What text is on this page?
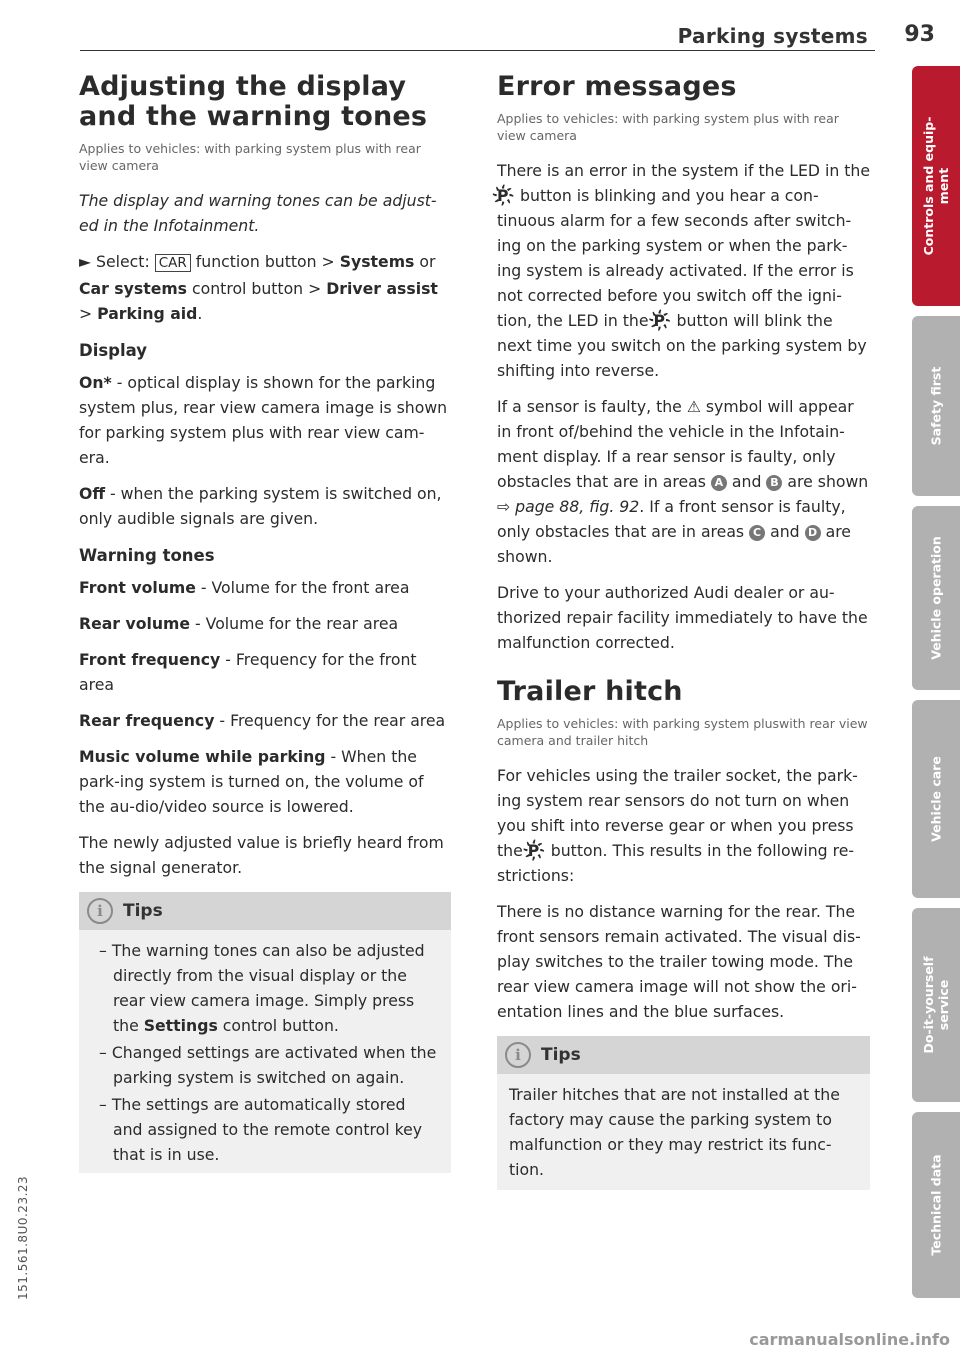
Parking systems 93
Adjusting the display
and the warning tones
Applies to vehicles: with parking system plus with rear view camera

The display and warning tones can be adjust-ed in the Infotainment.

► Select: CAR function button > Systems or Car systems control button > Driver assist > Parking aid.

Display

On* - optical display is shown for the parking system plus, rear view camera image is shown for parking system plus with rear view cam-era.

Off - when the parking system is switched on, only audible signals are given.

Warning tones

Front volume - Volume for the front area

Rear volume - Volume for the rear area

Front frequency - Frequency for the front area

Rear frequency - Frequency for the rear area

Music volume while parking - When the park-ing system is turned on, the volume of the au-dio/video source is lowered.

The newly adjusted value is briefly heard from the signal generator.

i	Tips
– The warning tones can also be adjusted directly from the visual display or the rear view camera image. Simply press the Settings control button.
– Changed settings are activated when the parking system is switched on again.
– The settings are automatically stored and assigned to the remote control key that is in use.
Error messages
Applies to vehicles: with parking system plus with rear view camera

There is an error in the system if the LED in the P҉ button is blinking and you hear a con-tinuous alarm for a few seconds after switch-ing on the parking system or when the park-ing system is already activated. If the error is not corrected before you switch off the igni-tion, the LED in the P҉ button will blink the next time you switch on the parking system by shifting into reverse.

If a sensor is faulty, the ⚠ symbol will appear in front of/behind the vehicle in the Infotain-ment display. If a rear sensor is faulty, only obstacles that are in areas A and B are shown ⇨ page 88, fig. 92. If a front sensor is faulty, only obstacles that are in areas C and D are shown.

Drive to your authorized Audi dealer or au-thorized repair facility immediately to have the malfunction corrected.

Trailer hitch
Applies to vehicles: with parking system pluswith rear view camera and trailer hitch

For vehicles using the trailer socket, the park-ing system rear sensors do not turn on when you shift into reverse gear or when you press the P҉ button. This results in the following re-strictions:

There is no distance warning for the rear. The front sensors remain activated. The visual dis-play switches to the trailer towing mode. The rear view camera image will not show the ori-entation lines and the blue surfaces.

i	Tips
Trailer hitches that are not installed at the factory may cause the parking system to malfunction or they may restrict its func-tion.
Controls and equip-
ment
Safety first
Vehicle operation
Vehicle care
Do-it-yourself
service
Technical data
151.561.8U0.23.23
carmanualsonline.info
